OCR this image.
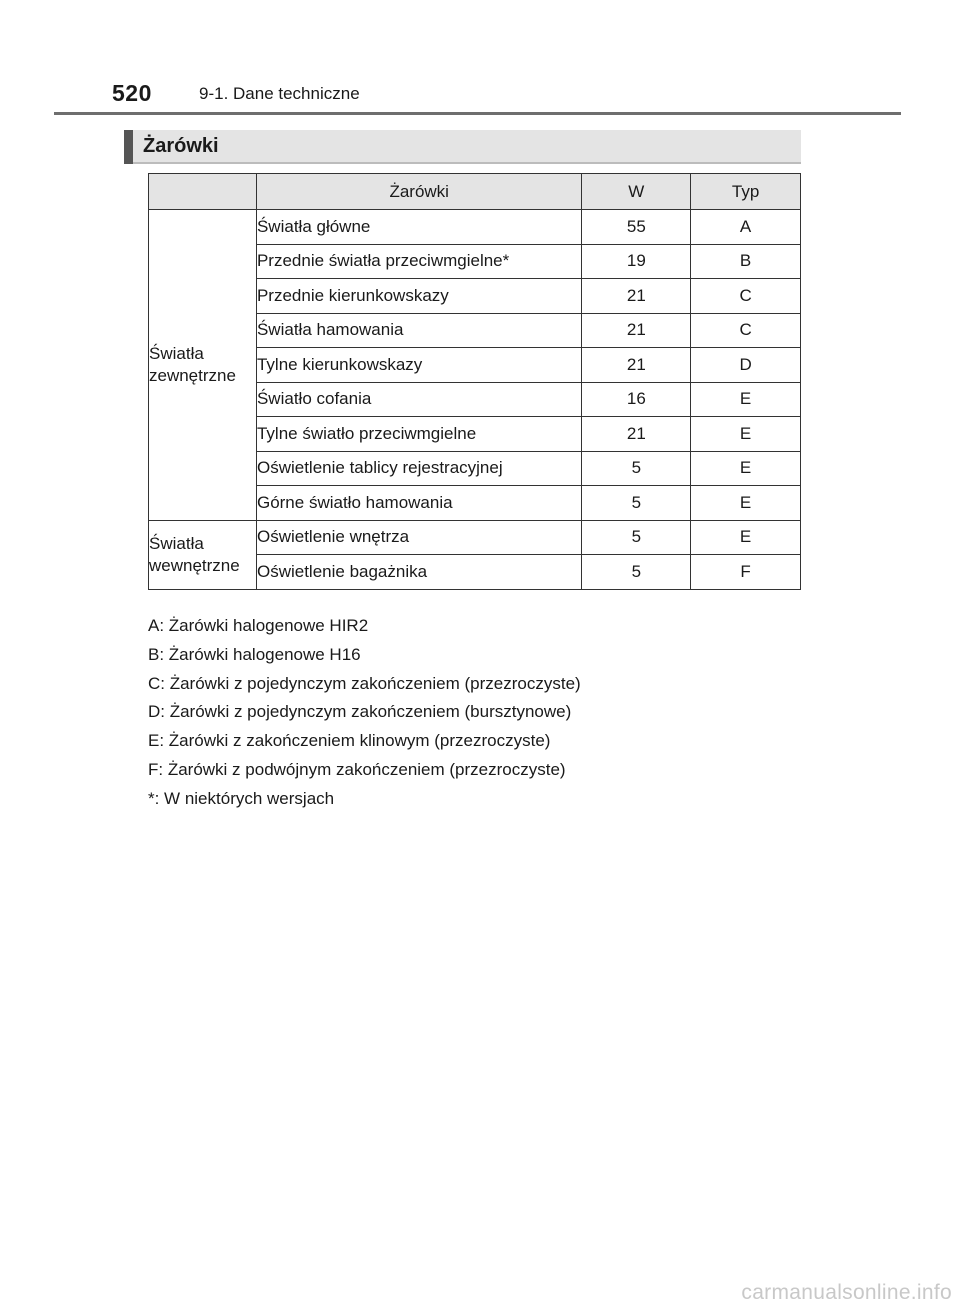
520	9-1. Dane techniczne
Żarówki
	Żarówki	W	Typ

Światła zewnętrzne	Światła główne	55	A
	Przednie światła przeciwmgielne*	19	B
	Przednie kierunkowskazy	21	C
	Światła hamowania	21	C
	Tylne kierunkowskazy	21	D
	Światło cofania	16	E
	Tylne światło przeciwmgielne	21	E
	Oświetlenie tablicy rejestracyjnej	5	E
	Górne światło hamowania	5	E

Światła wewnętrzne	Oświetlenie wnętrza	5	E
	Oświetlenie bagażnika	5	F
A: Żarówki halogenowe HIR2
B: Żarówki halogenowe H16
C: Żarówki z pojedynczym zakończeniem (przezroczyste)
D: Żarówki z pojedynczym zakończeniem (bursztynowe)
E: Żarówki z zakończeniem klinowym (przezroczyste)
F: Żarówki z podwójnym zakończeniem (przezroczyste)
*: W niektórych wersjach
carmanualsonline.info
